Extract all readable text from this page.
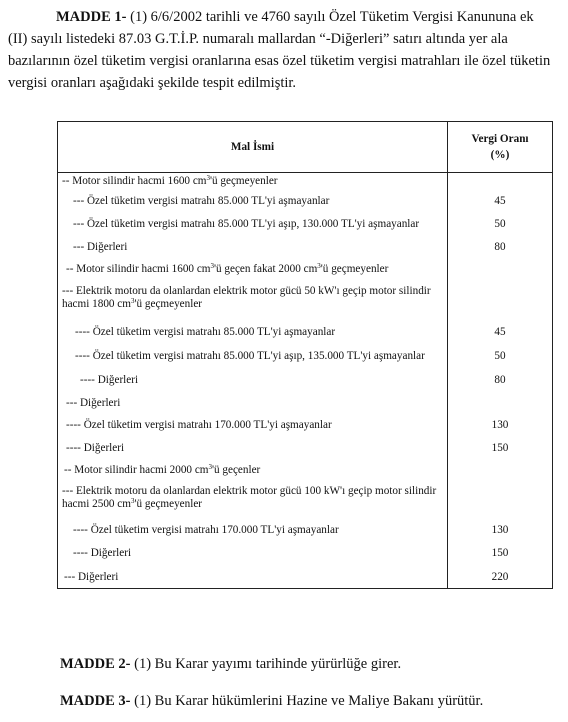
MADDE 1- (1) 6/6/2002 tarihli ve 4760 sayılı Özel Tüketim Vergisi Kanununa ek
(II) sayılı listedeki 87.03 G.T.İ.P. numaralı mallardan “-Diğerleri” satırı altında yer ala
bazılarının özel tüketim vergisi oranlarına esas özel tüketim vergisi matrahları ile özel tüketin
vergisi oranları aşağıdaki şekilde tespit edilmiştir.
Mal İsmi	Vergi Oranı
(%)
-- Motor silindir hacmi 1600 $cm^3'ü$ geçmeyenler	
--- Özel tüketim vergisi matrahı 85.000 TL'yi aşmayanlar	45
--- Özel tüketim vergisi matrahı 85.000 TL'yi aşıp, 130.000 TL'yi aşmayanlar	50
--- Diğerleri	80
-- Motor silindir hacmi 1600 $cm^3'ü$ geçen fakat 2000 $cm^3'ü$ geçmeyenler	
--- Elektrik motoru da olanlardan elektrik motor gücü 50 kW'ı geçip motor silindir hacmi 1800 $cm^3'ü$ geçmeyenler	
---- Özel tüketim vergisi matrahı 85.000 TL'yi aşmayanlar	45
---- Özel tüketim vergisi matrahı 85.000 TL'yi aşıp, 135.000 TL'yi aşmayanlar	50
---- Diğerleri	80
--- Diğerleri	
---- Özel tüketim vergisi matrahı 170.000 TL'yi aşmayanlar	130
---- Diğerleri	150
-- Motor silindir hacmi 2000 $cm^3'ü$ geçenler	
--- Elektrik motoru da olanlardan elektrik motor gücü 100 kW'ı geçip motor silindir hacmi 2500 $cm^3'ü$ geçmeyenler	
---- Özel tüketim vergisi matrahı 170.000 TL'yi aşmayanlar	130
---- Diğerleri	150
--- Diğerleri	220
MADDE 2- (1) Bu Karar yayımı tarihinde yürürlüğe girer.
MADDE 3- (1) Bu Karar hükümlerini Hazine ve Maliye Bakanı yürütür.
